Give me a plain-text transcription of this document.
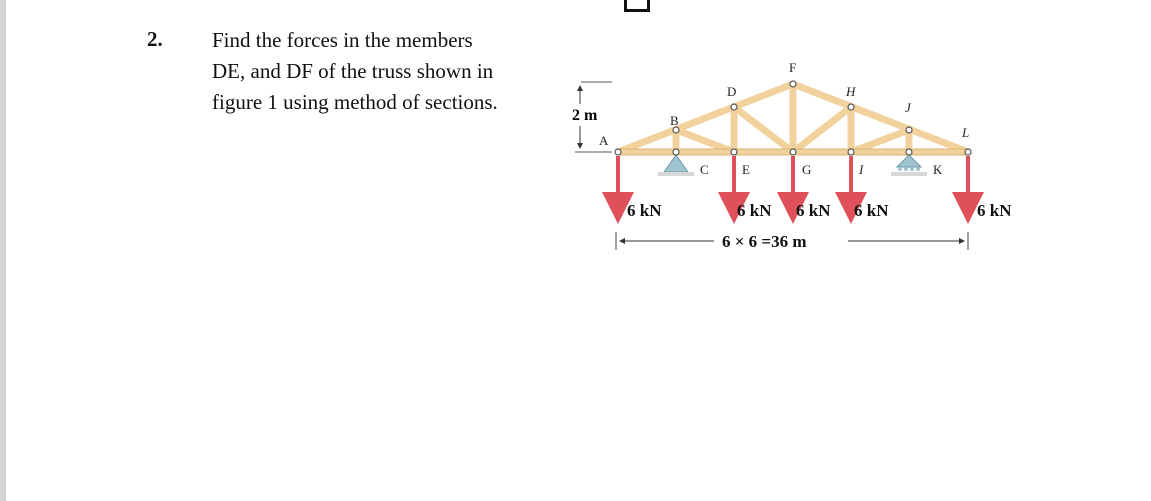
2. Find the forces in the members
DE, and DF of the truss shown in
figure 1 using method of sections.
2 m
A
B
C
D
E
F
G
H
I
J
K
L
6 kN	6 kN 6 kN 6 kN	6 kN
6 × 6 =36 m
